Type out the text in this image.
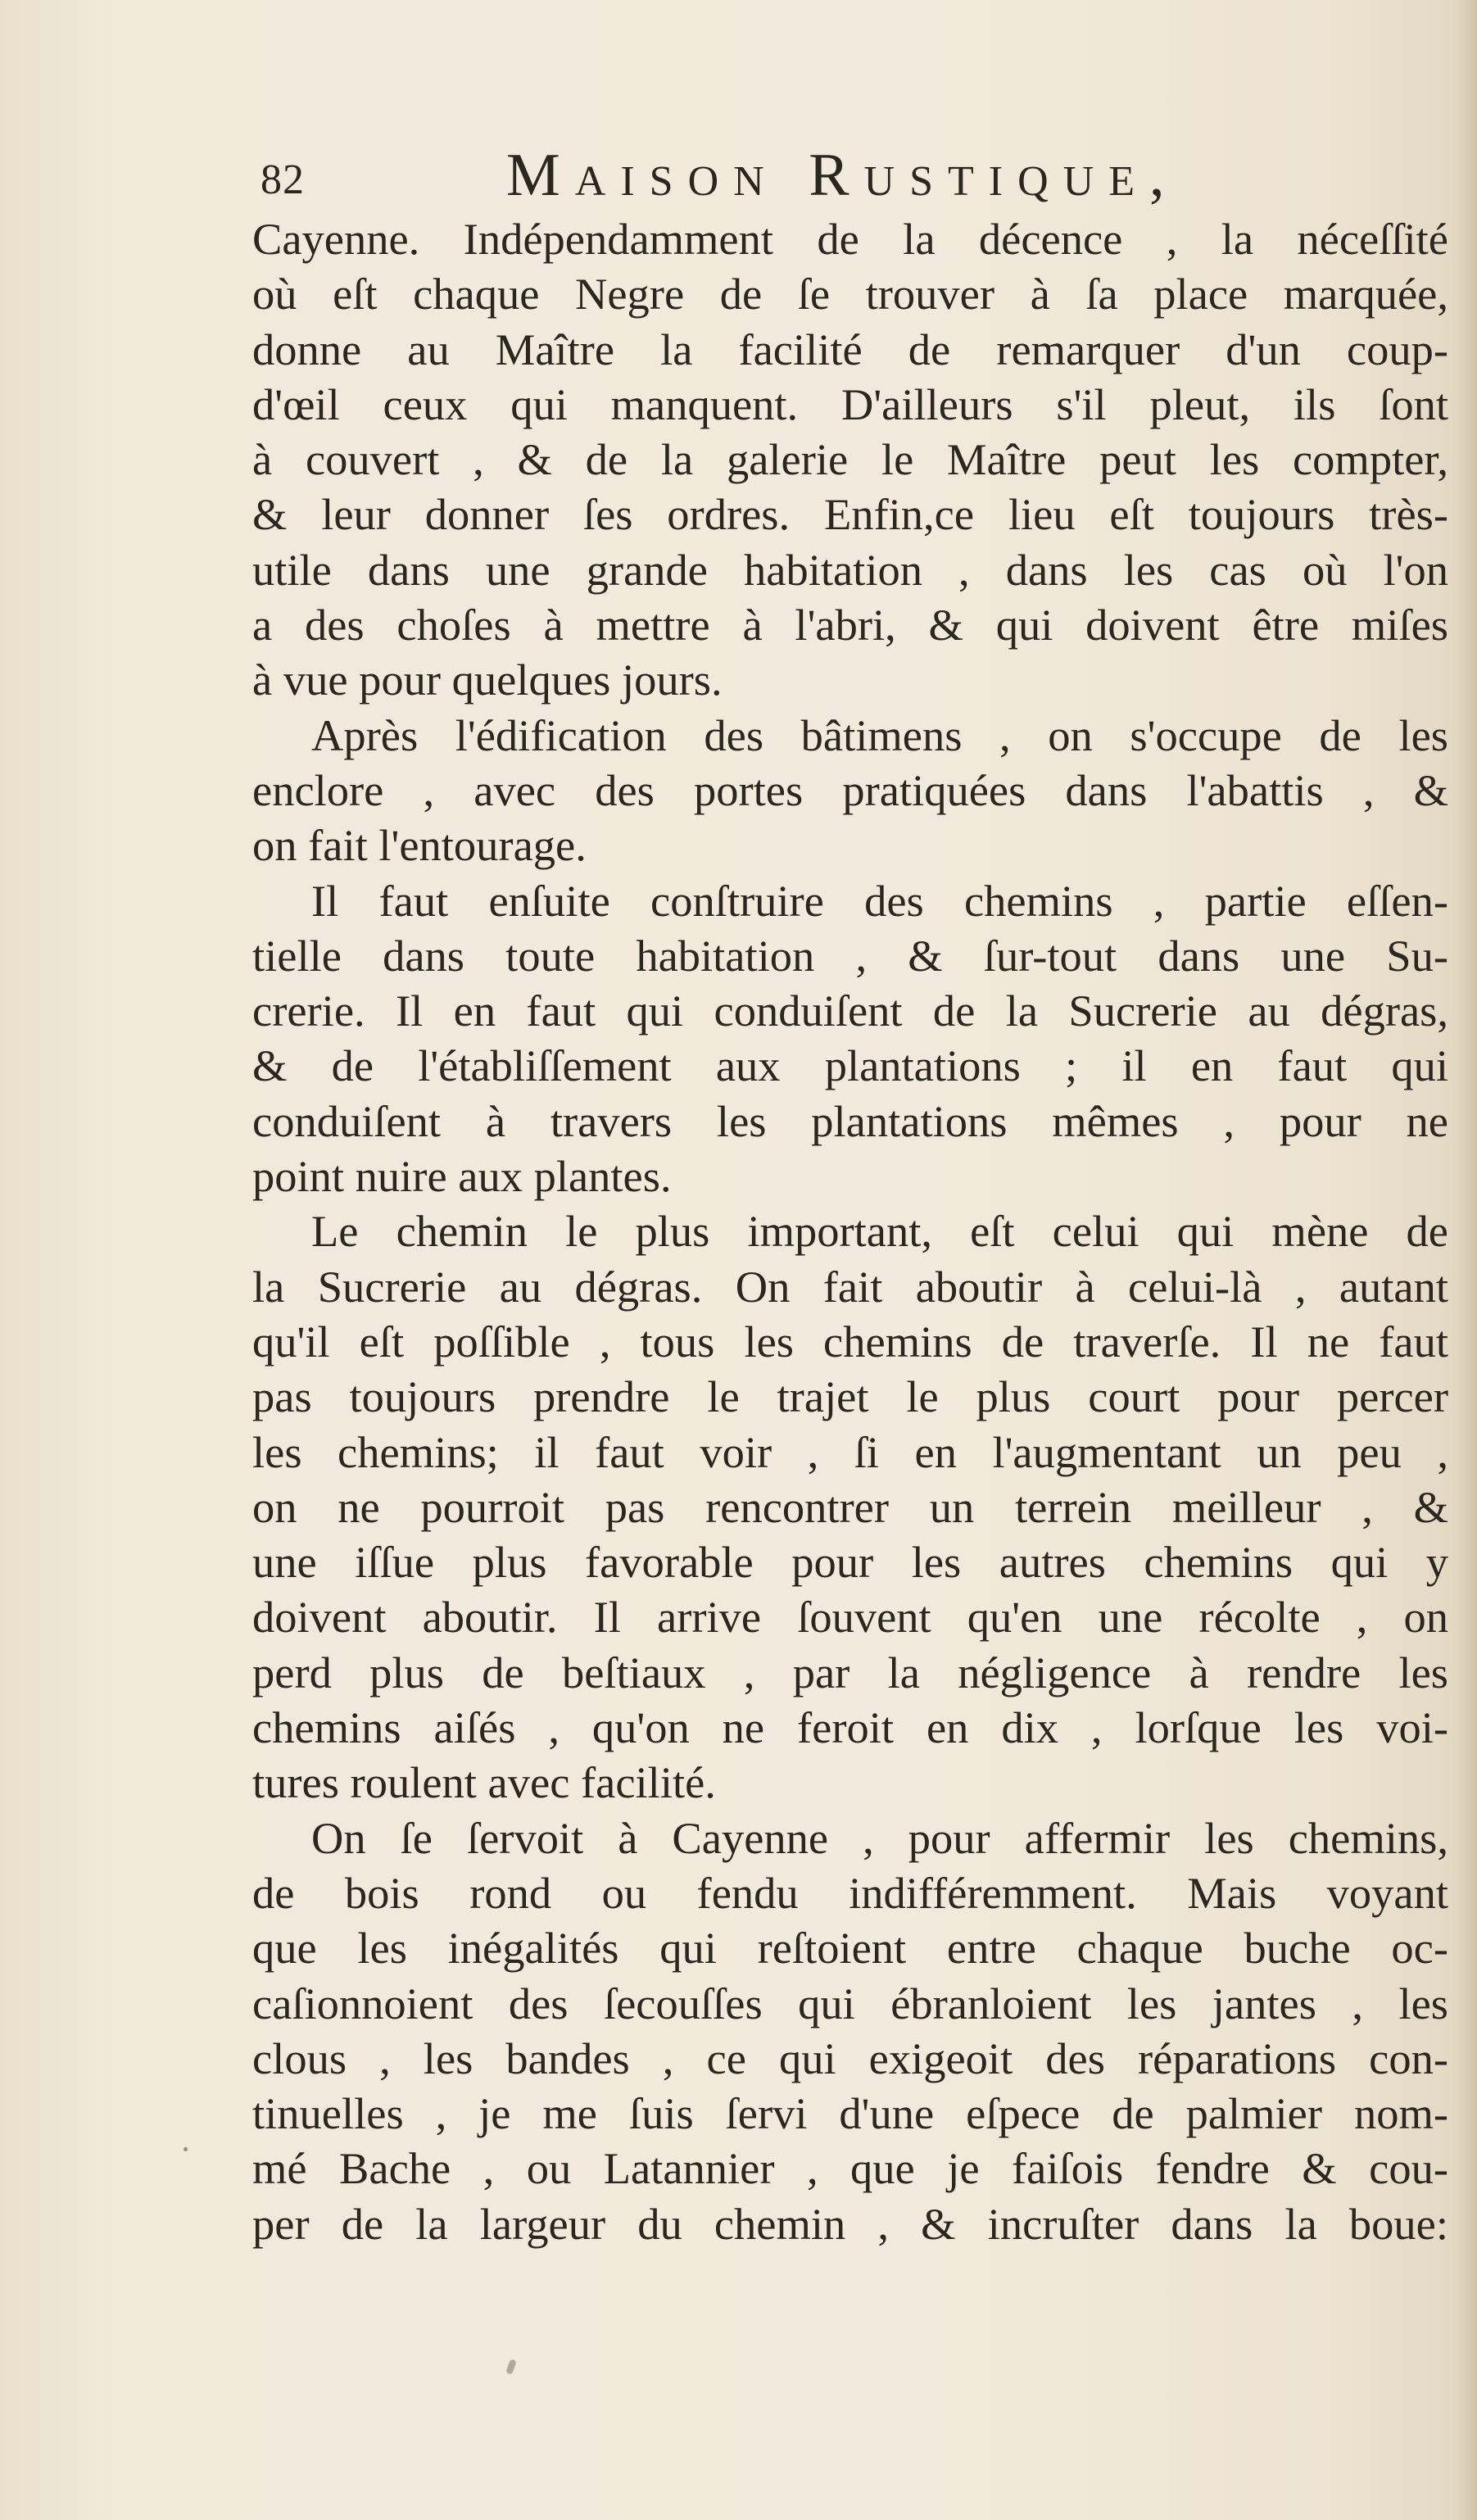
82	Maison Rustique,
Cayenne. Indépendamment de la décence , la néceſſité
où eſt chaque Negre de ſe trouver à ſa place marquée,
donne au Maître la facilité de remarquer d'un coup-
d'œil ceux qui manquent. D'ailleurs s'il pleut, ils ſont
à couvert , & de la galerie le Maître peut les compter,
& leur donner ſes ordres. Enfin,ce lieu eſt toujours très-
utile dans une grande habitation , dans les cas où l'on
a des choſes à mettre à l'abri, & qui doivent être miſes
à vue pour quelques jours.
Après l'édification des bâtimens , on s'occupe de les
enclore , avec des portes pratiquées dans l'abattis , &
on fait l'entourage.
Il faut enſuite conſtruire des chemins , partie eſſen-
tielle dans toute habitation , & ſur-tout dans une Su-
crerie. Il en faut qui conduiſent de la Sucrerie au dégras,
& de l'établiſſement aux plantations ; il en faut qui
conduiſent à travers les plantations mêmes , pour ne
point nuire aux plantes.
Le chemin le plus important, eſt celui qui mène de
la Sucrerie au dégras. On fait aboutir à celui-là , autant
qu'il eſt poſſible , tous les chemins de traverſe. Il ne faut
pas toujours prendre le trajet le plus court pour percer
les chemins; il faut voir , ſi en l'augmentant un peu ,
on ne pourroit pas rencontrer un terrein meilleur , &
une iſſue plus favorable pour les autres chemins qui y
doivent aboutir. Il arrive ſouvent qu'en une récolte , on
perd plus de beſtiaux , par la négligence à rendre les
chemins aiſés , qu'on ne feroit en dix , lorſque les voi-
tures roulent avec facilité.
On ſe ſervoit à Cayenne , pour affermir les chemins,
de bois rond ou fendu indifféremment. Mais voyant
que les inégalités qui reſtoient entre chaque buche oc-
caſionnoient des ſecouſſes qui ébranloient les jantes , les
clous , les bandes , ce qui exigeoit des réparations con-
tinuelles , je me ſuis ſervi d'une eſpece de palmier nom-
mé Bache , ou Latannier , que je faiſois fendre & cou-
per de la largeur du chemin , & incruſter dans la boue:
